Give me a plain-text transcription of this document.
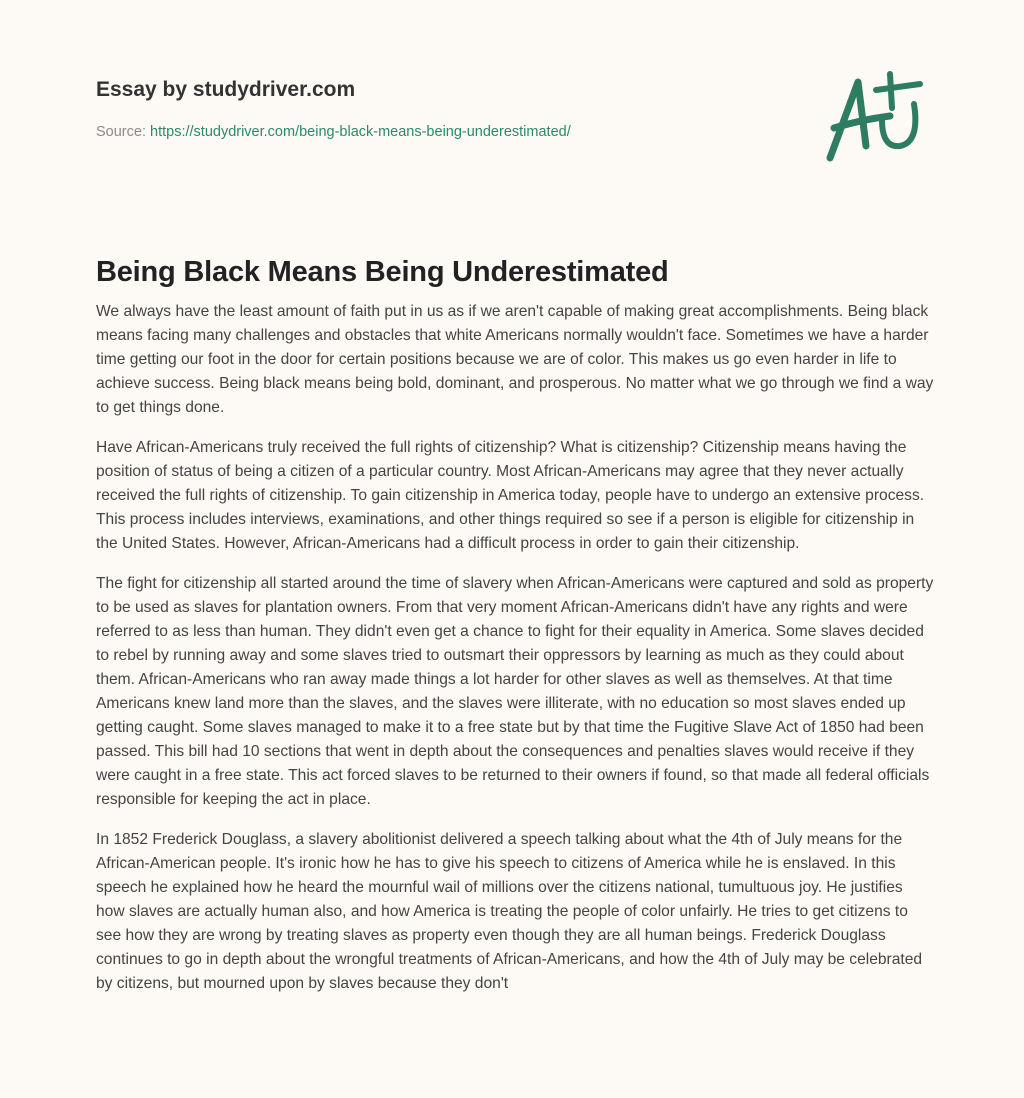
Essay by studydriver.com
Source: https://studydriver.com/being-black-means-being-underestimated/
Being Black Means Being Underestimated

We always have the least amount of faith put in us as if we aren't capable of making great accomplishments. Being black means facing many challenges and obstacles that white Americans normally wouldn't face. Sometimes we have a harder time getting our foot in the door for certain positions because we are of color. This makes us go even harder in life to achieve success. Being black means being bold, dominant, and prosperous. No matter what we go through we find a way to get things done.

Have African-Americans truly received the full rights of citizenship? What is citizenship? Citizenship means having the position of status of being a citizen of a particular country. Most African-Americans may agree that they never actually received the full rights of citizenship. To gain citizenship in America today, people have to undergo an extensive process. This process includes interviews, examinations, and other things required so see if a person is eligible for citizenship in the United States. However, African-Americans had a difficult process in order to gain their citizenship.

The fight for citizenship all started around the time of slavery when African-Americans were captured and sold as property to be used as slaves for plantation owners. From that very moment African-Americans didn't have any rights and were referred to as less than human. They didn't even get a chance to fight for their equality in America. Some slaves decided to rebel by running away and some slaves tried to outsmart their oppressors by learning as much as they could about them. African-Americans who ran away made things a lot harder for other slaves as well as themselves. At that time Americans knew land more than the slaves, and the slaves were illiterate, with no education so most slaves ended up getting caught. Some slaves managed to make it to a free state but by that time the Fugitive Slave Act of 1850 had been passed. This bill had 10 sections that went in depth about the consequences and penalties slaves would receive if they were caught in a free state. This act forced slaves to be returned to their owners if found, so that made all federal officials responsible for keeping the act in place.

In 1852 Frederick Douglass, a slavery abolitionist delivered a speech talking about what the 4th of July means for the African-American people. It's ironic how he has to give his speech to citizens of America while he is enslaved. In this speech he explained how he heard the mournful wail of millions over the citizens national, tumultuous joy. He justifies how slaves are actually human also, and how America is treating the people of color unfairly. He tries to get citizens to see how they are wrong by treating slaves as property even though they are all human beings. Frederick Douglass continues to go in depth about the wrongful treatments of African-Americans, and how the 4th of July may be celebrated by citizens, but mourned upon by slaves because they don't
